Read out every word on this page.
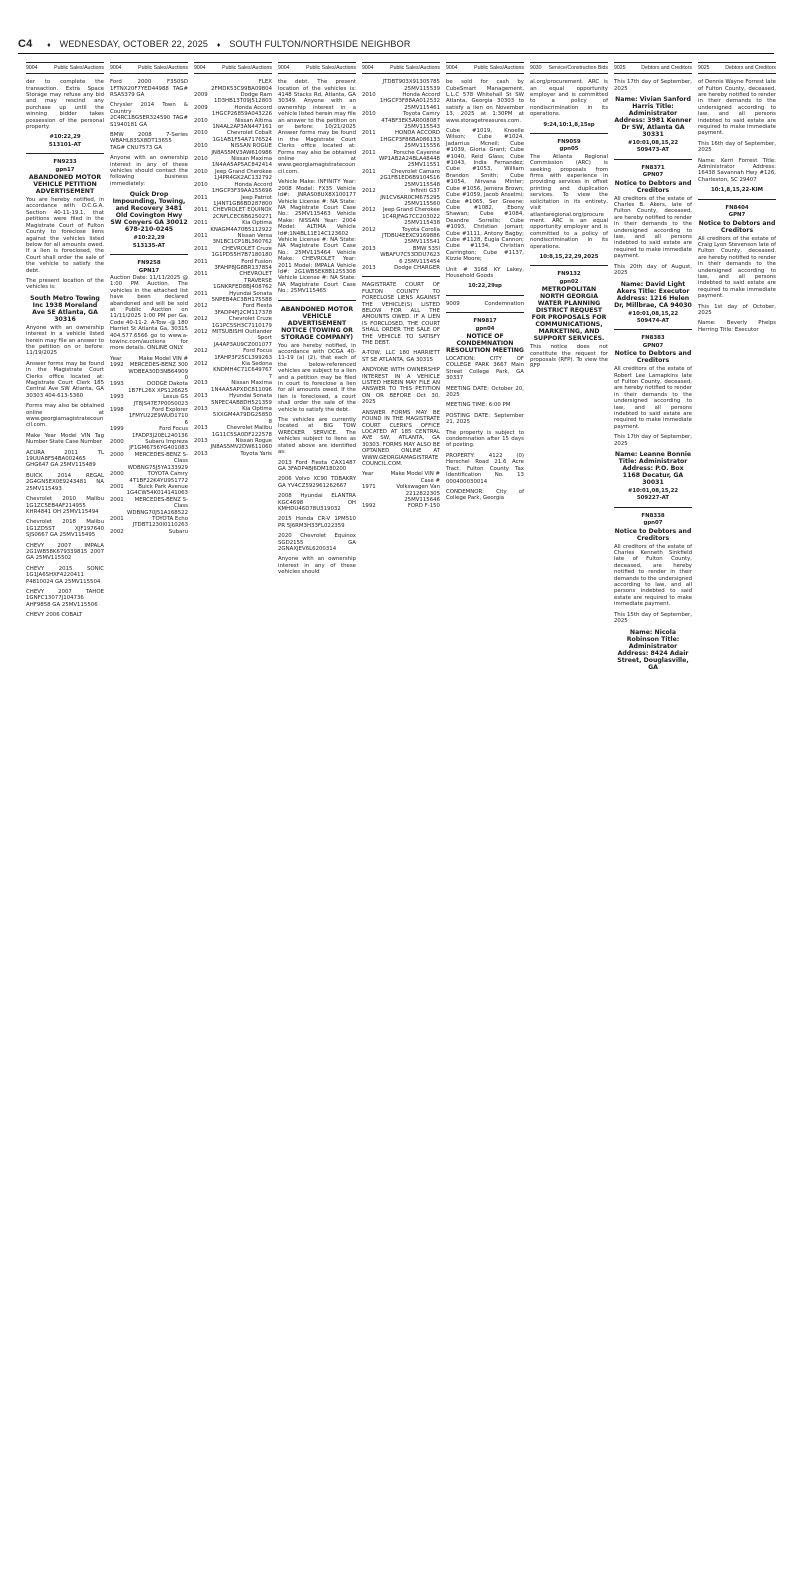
C4 ♦ WEDNESDAY, OCTOBER 22, 2025 ♦ SOUTH FULTON/NORTHSIDE NEIGHBOR
9004	Public Sales/Auctions
der to complete the transaction. Extra Space Storage may refuse any bid and may rescind any purchase up until the winning bidder takes possession of the personal property.
#10:22,29
513101-AT
FN9233
gpn17
ABANDONED MOTOR VEHICLE PETITION ADVERTISEMENT
You are hereby notified, in accordance with O.C.G.A. Section 40-11-19.1, that petitions were filed in the Magistrate Court of Fulton County to foreclose liens against the vehicles listed below for all amounts owed. If a lien is foreclosed, the Court shall order the sale of the vehicle to satisfy the debt.
The present location of the vehicles is:
South Metro Towing Inc 1938 Moreland Ave SE Atlanta, GA 30316
Anyone with an ownership interest in a vehicle listed herein may file an answer to the petition on or before: 11/19/2025
Answer forms may be found in the Magistrate Court Clerks office located at: Magistrate Court Clerk 185 Central Ave SW Atlanta, GA 30303 404-613-5360
Forms may also be obtained online at www.georgiamagistratecouncil.com.
Make Year Model VIN Tag Number State Case Number
ACURA 2011 TL 19UUA8F54BA002465 GHG647 GA 25MV115489
BUICK 2014 REGAL 2G4GN5EX0E9243481 NA 25MV115493
Chevrolet 2010 Malibu 1G1ZC5EB4AF214955 KHR4841 OH 25MV115494
Chevrolet 2018 Malibu 1G1ZD5ST XJF197640 SJS0667 GA 25MV115495
CHEVY 2007 IMPALA 2G1WB58K679339815 2007 GA 25MV115502
CHEVY 2015 SONIC 1G1JA6SHXF4220411 P4810024 GA 25MV115504
CHEVY 2007 TAHOE 1GNFC13077J104736 AHF9858 GA 25MV115506
CHEVY 2006 COBALT
9004	Public Sales/Auctions
Ford 2000 F350SD 1FTNX20F7YED44988 TAG# RSA5379 GA
Chrysler 2014 Town & Country 2C4RC1BG5ER324590 TAG# S1940181 GA
BMW 2008 7-Series WBAHL83SX8DT13655 TAG# CNU7573 GA
Anyone with an ownership interest in any of these vehicles should contact the following business immediately:
Quick Drop Impounding, Towing, and Recovery 3481 Old Covington Hwy SW Conyers GA 30012 678-210-0245
#10:22,29
513135-AT
FN9258
GPN17
Auction Date: 11/11/2025 @ 1:00 PM Auction. The vehicles in the attached list have been declared abandoned and will be sold at Public Auction on 11/11/2025 1:00 PM per Ga. Code 40-11-2. A-Tow -@ 180 Harriet St Atlanta Ga, 30315 404.577.6566 go to www.a-towinc.com/auctions for more details. ONLINE ONLY.
Year	Make Model VIN #
1992	MERCEDES-BENZ 300 WDBEA30D3NB649090
1993	DODGE Dakota 1B7FL26X XPS126625
1993	Lexus GS JT8JS47E7P0050023
1998	Ford Explorer 1FMYU22E9WUD17106
1999	Ford Focus 1FADP3J20EL240136
2000	Subaru Impreza JF1GM6756YG401083
2000	MERCEDES-BENZ S-Class WDBNG75J5YA133929
2000	TOYOTA Camry 4T1BF22K4YU951772
2001	Buick Park Avenue 1G4CW54K014141063
2001	MERCEDES-BENZ S-Class WDBNG70J51A168522
2001	TOYOTA Echo JTDBT1230I0110263
2002	Subaru
9004	Public Sales/Auctions
FLEX 2FMDK53C99BA09804
2009	Dodge Ram 1D3HB13T09J512803
2009	Honda Accord 1HGCP26859A043226
2010	Nissan Altima 1N4AL2AP3AN447161
2010	Chevrolet Cobalt 1G1AB1F54A7176524
2010	NISSAN ROGUE JN8AS5MV3AW610986
2010	Nissan Maxima 1N4AA5AP5AC842414
2010	Jeep Grand Cherokee 1J4PR4GK2AC132792
2010	Honda Accord 1HGCP3F39AA155696
2011	Jeep Patriot 1J4NT1GB6BD287800
2011 CHEVROLET EQUINOX 2CNFLCEC6B6250271
2011	Kia Optima KNAGM4A70B5112922
2011	Nissan Versa 3N1BC1CP1BL360762
2011	CHEVROLET Cruze 1G1PD55H7B7180180
2011	Ford Fusion 3FAHP8JG8BR137854
2011	CHEVROLET TRAVERSE 1GNKRFED8BJ408762
2011	Hyundai Sonata 5NPEB4AC3BH175588
2012	Ford Fiesta 3FADP4FJ2CM117378
2012	Chevrolet Cruze 1G1PC5SH3C7110179
2012 MITSUBISHI Outlander Sport JA4AP3AU9CZ001077
2012	Ford Focus 1FAHP3F25CL399263
2012	Kia Sedona KNDMH4C71C6497677
2013	Nissan Maxima 1N4AA5APXDC811096
2013	Hyundai Sonata 5NPEC4AB8DH521359
2013	Kia Optima 5XXGM4A79DG258508
2013	Chevrolet Malibu 1G11C5SA0DF222578
2013	Nissan Rogue JN8AS5MV2DW611060
2013	Toyota Yaris
9004	Public Sales/Auctions
the debt. The present location of the vehicles is: 4148 Stacks Rd, Atlanta, GA 30349. Anyone with an ownership interest in a vehicle listed herein may file an answer to the petition on or before: 10/21/2025 Answer forms may be found in the Magistrate Court Clerks office located at: Forms may also be obtained online at www.georgiamagistratecouncil.com.
Vehicle Make: INFINITY Year: 2008 Model: FX35 Vehicle Id#: JNRAS08UX8X100177 Vehicle License #: NA State: NA Magistrate Court Case No.: 25MV115463 Vehicle Make: NISSAN Year: 2004 Model: ALTIMA Vehicle Id#:1N4BL11E14C123602 Vehicle License #: NA State: NA Magistrate Court Case No.: 25MV115464 Vehicle Make: CHEVROLET Year: 2011 Model: IMPALA Vehicle Id#: 2G1WB5EK8B1255308 Vehicle License #: NA State: NA Magistrate Court Case No.: 25MV115465
ABANDONED MOTOR VEHICLE ADVERTISEMENT NOTICE (TOWING OR STORAGE COMPANY)
You are hereby notified, in accordance with OCGA 40-11-19 (a) (2), that each of the below-referenced vehicles are subject to a lien and a petition may be filed in court to foreclose a lien for all amounts owed. If the lien is foreclosed, a court shall order the sale of the vehicle to satisfy the debt.
The vehicles are currently located at BIG TOW WRECKER SERVICE. The vehicles subject to liens as stated above are identified as:
2013 Ford Fiesta CAX1487 GA 3FADP4BJ6DM180200
2006 Volvo XC90 TDBAKRY GA YV4CZ592961262667
2008 Hyundai ELANTRA KGC4698 OH KMHDU46D78U319032
2015 Honda CR-V 1PM510 PR 5J6RM3H33FL022359
2020 Chevrolet Equinox SGD2155 GA 2GNAXJEV6L6200314
Anyone with an ownership interest in any of these vehicles should
9004	Public Sales/Auctions
JTDBT903X91305785 25MV115539
2010	Honda Accord 1HGCP3F88AA012532 25MV115461
2010	Toyota Camry 4T4BF3EK5AR008087 25MV115543
2011	HONDA ACCORD 1HGCP3F86BA086133 25MV115556
2011	Porsche Cayenne WP1AB2A24BLA48448 25MV11551
2011	Chevrolet Camaro 2G1FB1ED6B9104516 25MV115548
2012	Infiniti G37 JN1CV6AR0CM675295 25MV115560
2012	Jeep Grand Cherokee 1C4RJFAG7CC203022 25MV115438
2012	Toyota Corolla JTDBU4EEXC9169886 25MV115541
2013	BMW 535I WBAFU7C53DDU76236 25MV115454
2013	Dodge CHARGER
MAGISTRATE COURT OF FULTON COUNTY TO FORECLOSE LIENS AGAINST THE VEHICLE(S) LISTED BELOW FOR ALL THE AMOUNTS OWED. IF A LIEN IS FORCLOSED, THE COURT SHALL ORDER THE SALE OF THE VEHICLE TO SATISFY THE DEBT.
A-TOW, LLC 180 HARRIETT ST SE ATLANTA, GA 30315
ANDYONE WITH OWNERSHIP INTEREST IN A VEHICLE LISTED HEREIN MAY FILE AN ANSWER TO THIS PETITION ON OR BEFORE Oct 30, 2025
ANSWER FORMS MAY BE FOUND IN THE MAGISTRATE COURT CLERK'S OFFICE LOCATED AT 185 CENTRAL AVE SW, ATLANTA, GA 30303. FORMS MAY ALSO BE OPTAINED ONLINE AT WWW.GEORGIAMAGISTRATECOUNCIL.COM.
Year	Make Model VIN # Case #
1971	Volkswagen Van 2212822305 25MV115646
1992	FORD F-150
9004	Public Sales/Auctions
be sold for cash by CubeSmart Management, L.L.C 578 Whitehall St SW Atlanta, Georgia 30303 to satisfy a lien on November 13, 2025 at 1:30PM at www.storagetreasures.com.
Cube #1019, Knoelle Wilson; Cube #1024, Jadarrius Mcneil; Cube #1039, Gloria Grant; Cube #1040, Reid Glass; Cube #1043, India Fernandez; Cube #1053, William Brandon Smith; Cube #1054, Nirvana Minter; Cube #1056, Jemera Brown; Cube #1059, Jacob Anselmi; Cube #1065, Ser Greene; Cube #1082, Ebony Shawan; Cube #1084, Deandre Sorrells; Cube #1093, Christian Jomari; Cube #1111, Antony Bagby; Cube #1128, Eugia Cannon; Cube #1134, Christian Carrington; Cube #1137, Kizzie Moore;
Unit # 3168 KY Lakey, Household Goods
10:22,29sp
9009	Condemnation
FN9817
gpn04
NOTICE OF CONDEMNATION RESOLUTION MEETING
LOCATION: CITY OF COLLEGE PARK 3667 Main Street College Park, GA 30337
MEETING DATE: October 20, 2025
MEETING TIME: 6:00 PM
POSTING DATE: September 21, 2025
The property is subject to condemnation after 15 days of posting.
PROPERTY: 4122 (0) Herschel Road 21.6 Acre Tract. Fulton County Tax Identification No. 13 000400030014
CONDEMNOR: City of College Park, Georgia
9030 Service/Construction Bids
al.org/procurement. ARC is an equal opportunity employer and is committed to a policy of nondiscrimination in its operations.
9:24,10:1,8,15sp
FN9059
gpn05
The Atlanta Regional Commission (ARC) is seeking proposals from firms with experience in providing services in offset printing and duplication services. To view the solicitation in its entirety, visit atlantaregional.org/procurement. ARC is an equal opportunity employer and is committed to a policy of nondiscrimination in its operations.
10:8,15,22,29,2025
FN9132
gpn02
METROPOLITAN NORTH GEORGIA WATER PLANNING DISTRICT REQUEST FOR PROPOSALS FOR COMMUNICATIONS, MARKETING, AND SUPPORT SERVICES.
This notice does not constitute the request for proposals (RFP). To view the RFP
9025	Debtors and Creditors
This 17th day of September, 2025
Name: Vivian Sanford Harris Title: Administrator Address: 3981 Kenner Dr SW, Atlanta GA 30331
#10:01,08,15,22
509473-AT
FN8371
GPN07
Notice to Debtors and Creditors
All creditors of the estate of Charles B. Akers, late of Fulton County, deceased, are hereby notified to render in their demands to the undersigned according to law, and all persons indebted to said estate are required to make immediate payment.
This 20th day of August, 2025
Name: David Light Akers Title: Executor Address: 1216 Helen Dr, Millbrae, CA 94030
#10:01,08,15,22
509474-AT
FN8383
GPN07
Notice to Debtors and Creditors
All creditors of the estate of Robert Lee Lamapkins late of Fulton County, deceased, are hereby notified to render in their demands to the undersigned according to law, and all persons indebted to said estate are required to make immediate payment.
This 17th day of September, 2025
Name: Leanne Bonnie Title: Administrator Address: P.O. Box 1168 Decatur, GA 30031
#10:01,08,15,22
509227-AT
FN8338
gpn07
Notice to Debtors and Creditors
All creditors of the estate of Charles Kenneth Sinkfield late of Fulton County, deceased, are hereby notified to render in their demands to the undersigned according to law, and all persons indebted to said estate are required to make immediate payment.
This 15th day of September, 2025
Name: Nicola Robinson Title: Administrator Address: 8424 Adair Street, Douglasville, GA
9025	Debtors and Creditors
of Dennis Wayne Forrest late of Fulton County, deceased, are hereby notified to render in their demands to the undersigned according to law, and all persons indebted to said estate are required to make immediate payment.
This 16th day of September, 2025
Name: Kerri Forrest Title: Administrator Address: 16438 Savannah Hwy #126, Charleston, SC 29407
10:1,8,15,22-KIM
FN8404
GPN7
Notice to Debtors and Creditors
All creditors of the estate of Craig Lyon Stevenson late of Fulton County, deceased, are hereby notified to render in their demands to the undersigned according to law, and all persons indebted to said estate are required to make immediate payment.
This 1st day of October, 2025
Name: Beverly Phelps Herring Title: Executor
